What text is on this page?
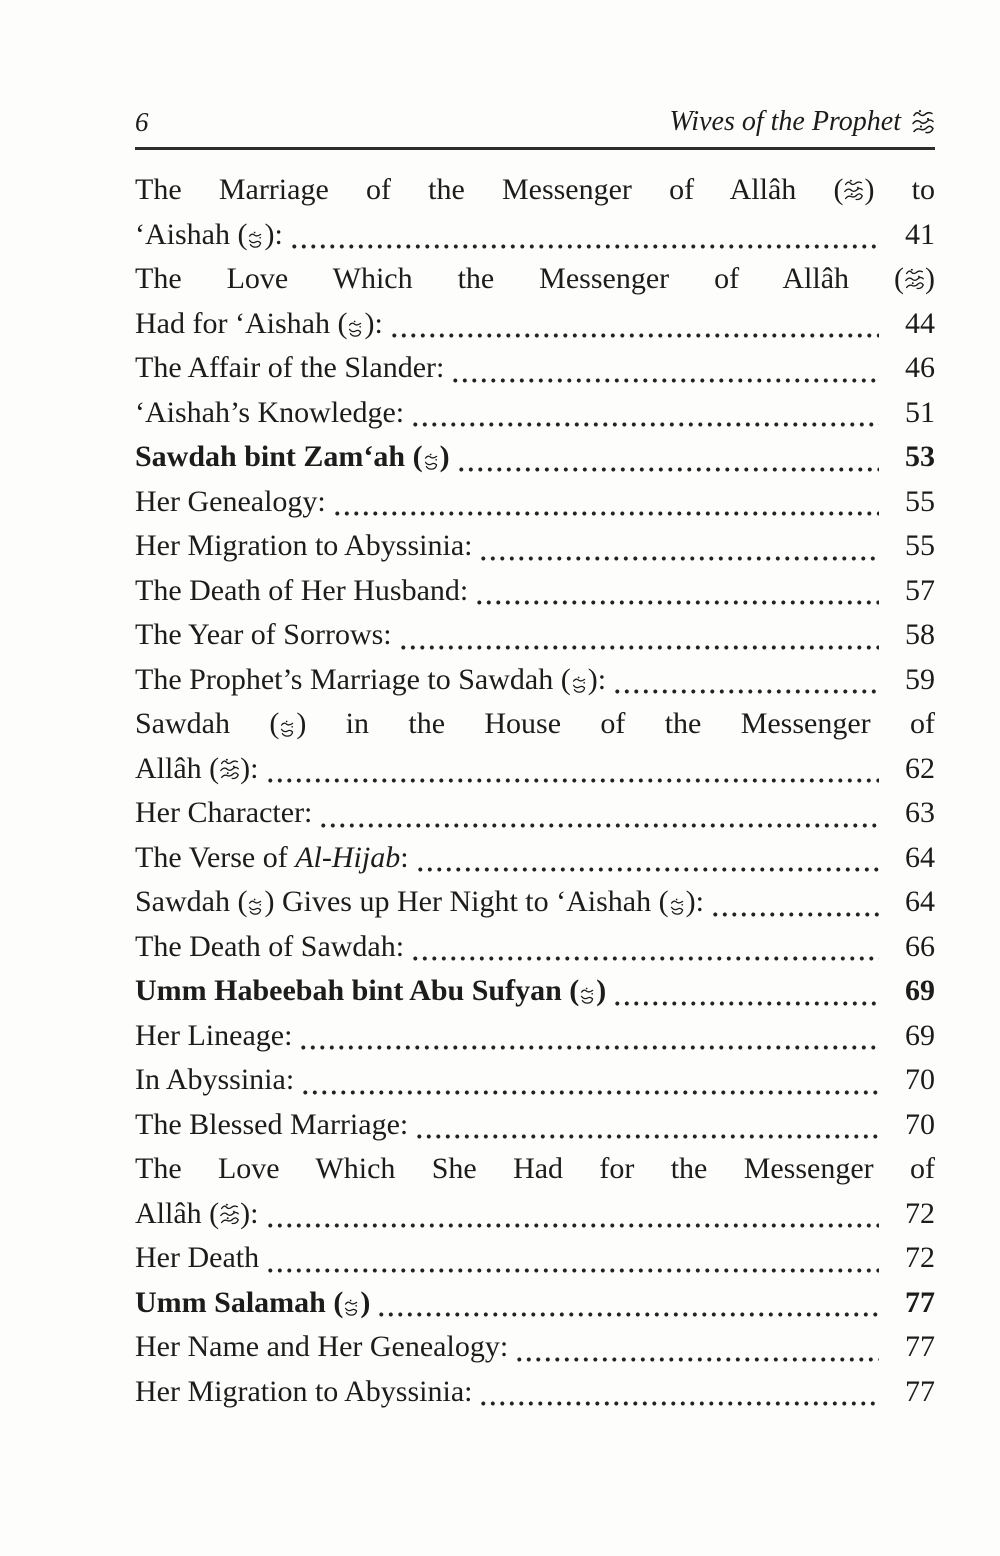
6	Wives of the Prophet
The Marriage of the Messenger of Allâh ( ) to
‘Aishah ( ):	41
The Love Which the Messenger of Allâh ( )
Had for ‘Aishah ( ):	44
The Affair of the Slander:	46
‘Aishah’s Knowledge:	51
Sawdah bint Zam‘ah ( )	53
Her Genealogy:	55
Her Migration to Abyssinia:	55
The Death of Her Husband:	57
The Year of Sorrows:	58
The Prophet’s Marriage to Sawdah ( ):	59
Sawdah ( ) in the House of the Messenger of
Allâh ( ):	62
Her Character:	63
The Verse of Al-Hijab:	64
Sawdah ( ) Gives up Her Night to ‘Aishah ( ):	64
The Death of Sawdah:	66
Umm Habeebah bint Abu Sufyan ( )	69
Her Lineage:	69
In Abyssinia:	70
The Blessed Marriage:	70
The Love Which She Had for the Messenger of
Allâh ( ):	72
Her Death	72
Umm Salamah ( )	77
Her Name and Her Genealogy:	77
Her Migration to Abyssinia:	77
